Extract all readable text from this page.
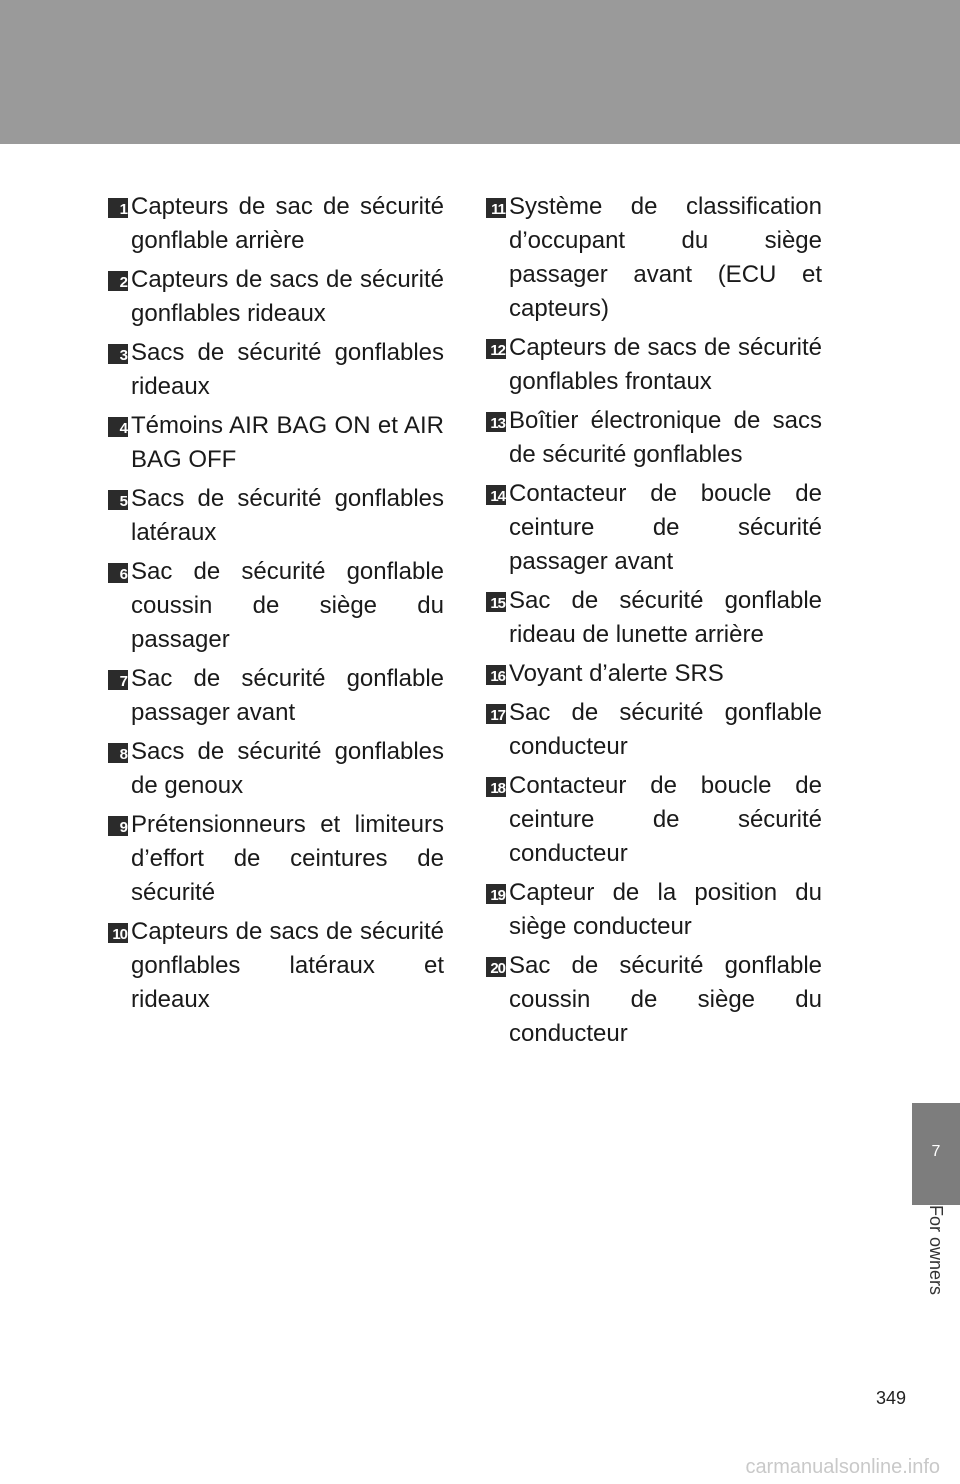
1 Capteurs de sac de sécurité gonflable arrière
2 Capteurs de sacs de sécurité gonflables rideaux
3 Sacs de sécurité gonflables rideaux
4 Témoins AIR BAG ON et AIR BAG OFF
5 Sacs de sécurité gonflables latéraux
6 Sac de sécurité gonflable coussin de siège du passager
7 Sac de sécurité gonflable passager avant
8 Sacs de sécurité gonflables de genoux
9 Prétensionneurs et limiteurs d’effort de ceintures de sécurité
10 Capteurs de sacs de sécurité gonflables latéraux et rideaux
11 Système de classification d’occupant du siège passager avant (ECU et capteurs)
12 Capteurs de sacs de sécurité gonflables frontaux
13 Boîtier électronique de sacs de sécurité gonflables
14 Contacteur de boucle de ceinture de sécurité passager avant
15 Sac de sécurité gonflable rideau de lunette arrière
16 Voyant d’alerte SRS
17 Sac de sécurité gonflable conducteur
18 Contacteur de boucle de ceinture de sécurité conducteur
19 Capteur de la position du siège conducteur
20 Sac de sécurité gonflable coussin de siège du conducteur
7
For owners
349
carmanualsonline.info
